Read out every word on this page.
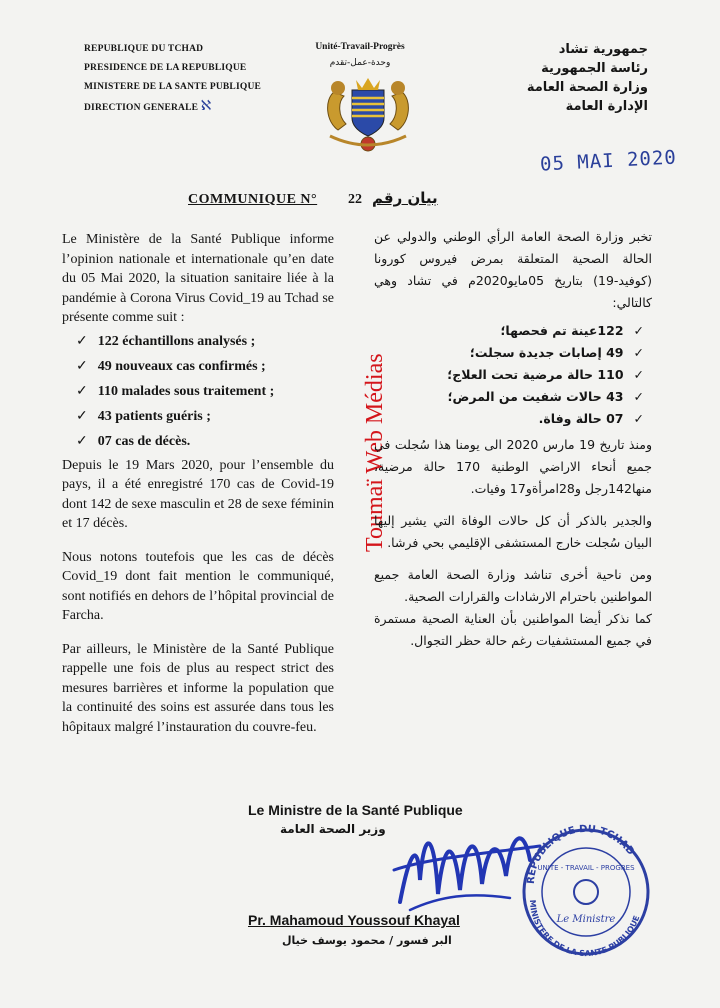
REPUBLIQUE DU TCHAD
PRESIDENCE DE LA REPUBLIQUE
MINISTERE DE LA SANTE PUBLIQUE
DIRECTION GENERALE ℵ
Unité-Travail-Progrès
وحدة-عمل-تقدم
جمهورية تشاد
رئاسة الجمهورية
وزارة الصحة العامة
الإدارة العامة
05 MAI 2020
COMMUNIQUE N° 22 بيان رقم

Le Ministère de la Santé Publique informe l’opinion nationale et internationale qu’en date du 05 Mai 2020, la situation sanitaire liée à la pandémie à Corona Virus Covid_19 au Tchad se présente comme suit :

✓ 122 échantillons analysés ;
✓ 49 nouveaux cas confirmés ;
✓ 110 malades sous traitement ;
✓ 43 patients guéris ;
✓ 07 cas de décès.

Depuis le 19 Mars 2020, pour l’ensemble du pays, il a été enregistré 170 cas de Covid-19 dont 142 de sexe masculin et 28 de sexe féminin et 17 décès.

Nous notons toutefois que les cas de décès Covid_19 dont fait mention le communiqué, sont notifiés en dehors de l’hôpital provincial de Farcha.

Par ailleurs, le Ministère de la Santé Publique rappelle une fois de plus au respect strict des mesures barrières et informe la population que la continuité des soins est assurée dans tous les hôpitaux malgré l’instauration du couvre-feu.

Toumaï Web Médias

تخبر وزارة الصحة العامة الرأي الوطني والدولي عن الحالة الصحية المتعلقة بمرض فيروس كورونا (كوفيد-19) بتاريخ 05مايو2020م في تشاد وهي كالتالي:

✓122عينة تم فحصها؛
✓49 إصابات جديدة سجلت؛
✓110 حالة مرضية تحت العلاج؛
✓43 حالات شفيت من المرض؛
✓07 حالة وفاة.

ومنذ تاريخ 19 مارس 2020 الى يومنا هذا سُجلت في جميع أنحاء الاراضي الوطنية 170 حالة مرضية، منها142رجل و28امرأةو17 وفيات.

والجدير بالذكر أن كل حالات الوفاة التي يشير إليها البيان سُجلت خارج المستشفى الإقليمي بحي فرشا.

ومن ناحية أخرى تناشد وزارة الصحة العامة جميع المواطنين باحترام الارشادات والقرارات الصحية.

كما نذكر أيضا المواطنين بأن العناية الصحية مستمرة في جميع المستشفيات رغم حالة حظر التجوال.

Le Ministre de la Santé Publique
وزير الصحة العامة
REPUBLIQUE DU TCHAD
UNITE - TRAVAIL - PROGRES
Le Ministre
MINISTERE DE LA SANTE PUBLIQUE
Pr. Mahamoud Youssouf Khayal
البر فسور / محمود يوسف خيال
